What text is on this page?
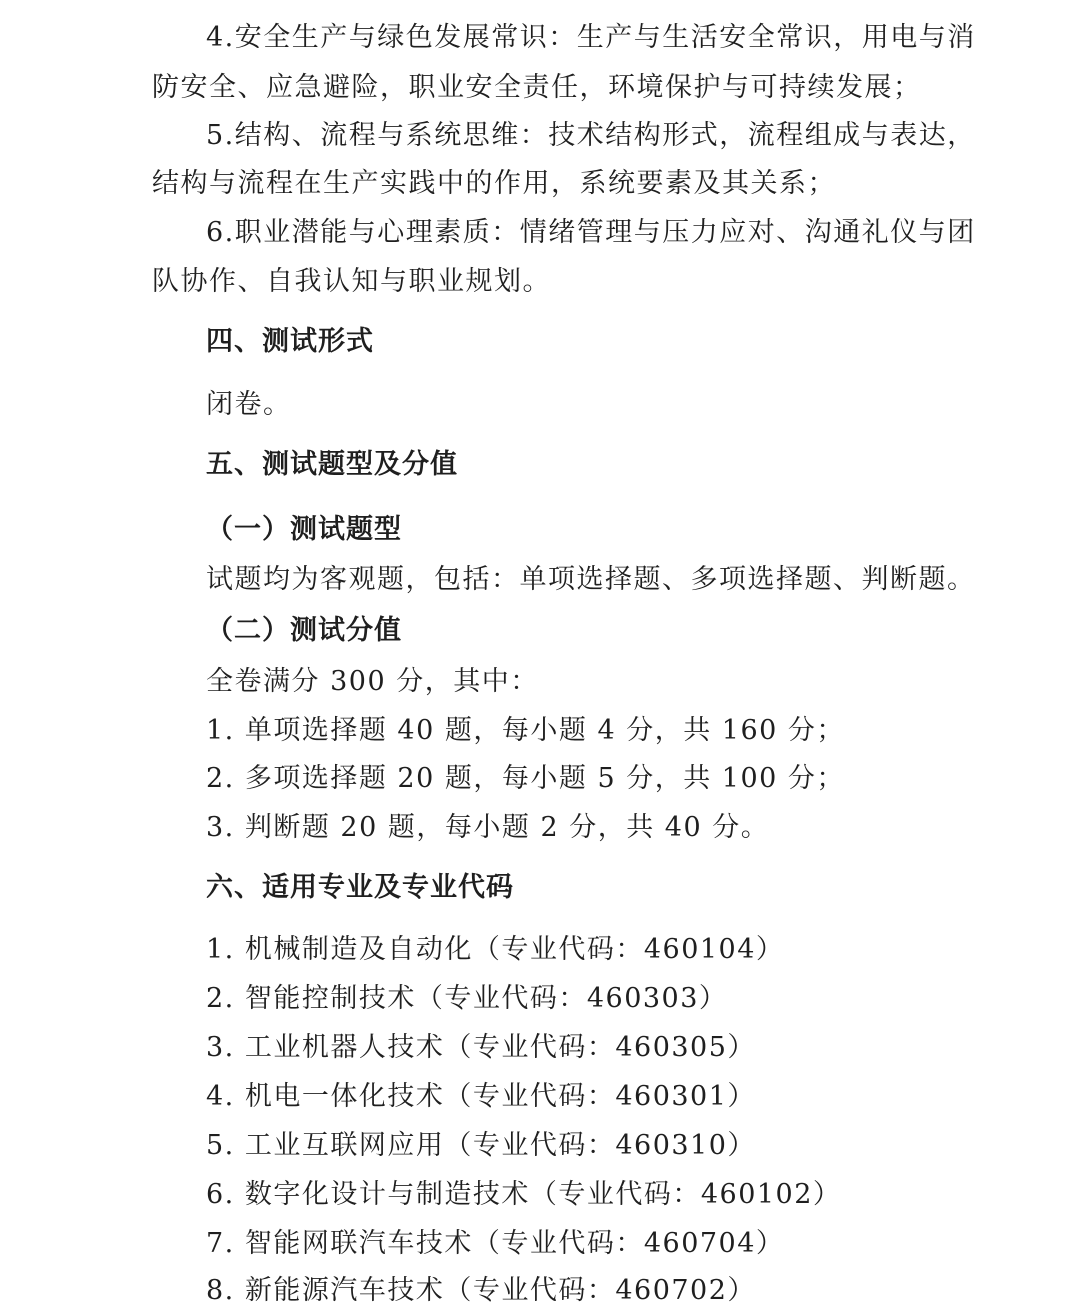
4.安全生产与绿色发展常识：生产与生活安全常识，用电与消
防安全、应急避险，职业安全责任，环境保护与可持续发展；
5.结构、流程与系统思维：技术结构形式，流程组成与表达，
结构与流程在生产实践中的作用，系统要素及其关系；
6.职业潜能与心理素质：情绪管理与压力应对、沟通礼仪与团
队协作、自我认知与职业规划。
四、测试形式
闭卷。
五、测试题型及分值
（一）测试题型
试题均为客观题，包括：单项选择题、多项选择题、判断题。
（二）测试分值
全卷满分 300 分，其中：
1. 单项选择题 40 题，每小题 4 分，共 160 分；
2. 多项选择题 20 题，每小题 5 分，共 100 分；
3. 判断题 20 题，每小题 2 分，共 40 分。
六、适用专业及专业代码
1. 机械制造及自动化（专业代码：460104）
2. 智能控制技术（专业代码：460303）
3. 工业机器人技术（专业代码：460305）
4. 机电一体化技术（专业代码：460301）
5. 工业互联网应用（专业代码：460310）
6. 数字化设计与制造技术（专业代码：460102）
7. 智能网联汽车技术（专业代码：460704）
8. 新能源汽车技术（专业代码：460702）
